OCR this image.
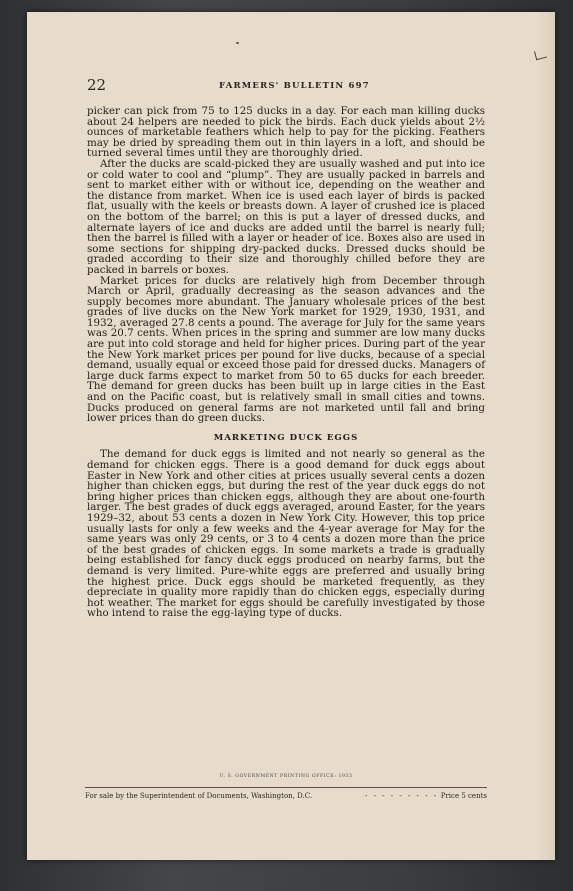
22	FARMERS' BULLETIN 697

picker can pick from 75 to 125 ducks in a day. For each man killing ducks about 24 helpers are needed to pick the birds. Each duck yields about 2½ ounces of marketable feathers which help to pay for the picking. Feathers may be dried by spreading them out in thin layers in a loft, and should be turned several times until they are thoroughly dried.

After the ducks are scald-picked they are usually washed and put into ice or cold water to cool and “plump”. They are usually packed in barrels and sent to market either with or without ice, depending on the weather and the distance from market. When ice is used each layer of birds is packed flat, usually with the keels or breasts down. A layer of crushed ice is placed on the bottom of the barrel; on this is put a layer of dressed ducks, and alternate layers of ice and ducks are added until the barrel is nearly full; then the barrel is filled with a layer or header of ice. Boxes also are used in some sections for shipping dry-packed ducks. Dressed ducks should be graded according to their size and thoroughly chilled before they are packed in barrels or boxes.

Market prices for ducks are relatively high from December through March or April, gradually decreasing as the season advances and the supply becomes more abundant. The January wholesale prices of the best grades of live ducks on the New York market for 1929, 1930, 1931, and 1932, averaged 27.8 cents a pound. The average for July for the same years was 20.7 cents. When prices in the spring and summer are low many ducks are put into cold storage and held for higher prices. During part of the year the New York market prices per pound for live ducks, because of a special demand, usually equal or exceed those paid for dressed ducks. Managers of large duck farms expect to market from 50 to 65 ducks for each breeder. The demand for green ducks has been built up in large cities in the East and on the Pacific coast, but is relatively small in small cities and towns. Ducks produced on general farms are not marketed until fall and bring lower prices than do green ducks.

MARKETING DUCK EGGS

The demand for duck eggs is limited and not nearly so general as the demand for chicken eggs. There is a good demand for duck eggs about Easter in New York and other cities at prices usually several cents a dozen higher than chicken eggs, but during the rest of the year duck eggs do not bring higher prices than chicken eggs, although they are about one-fourth larger. The best grades of duck eggs averaged, around Easter, for the years 1929–32, about 53 cents a dozen in New York City. However, this top price usually lasts for only a few weeks and the 4-year average for May for the same years was only 29 cents, or 3 to 4 cents a dozen more than the price of the best grades of chicken eggs. In some markets a trade is gradually being established for fancy duck eggs produced on nearby farms, but the demand is very limited. Pure-white eggs are preferred and usually bring the highest price. Duck eggs should be marketed frequently, as they depreciate in quality more rapidly than do chicken eggs, especially during hot weather. The market for eggs should be carefully investigated by those who intend to raise the egg-laying type of ducks.

U. S. GOVERNMENT PRINTING OFFICE: 1933
For sale by the Superintendent of Documents, Washington, D.C.	- - - - - - - - - Price 5 cents
